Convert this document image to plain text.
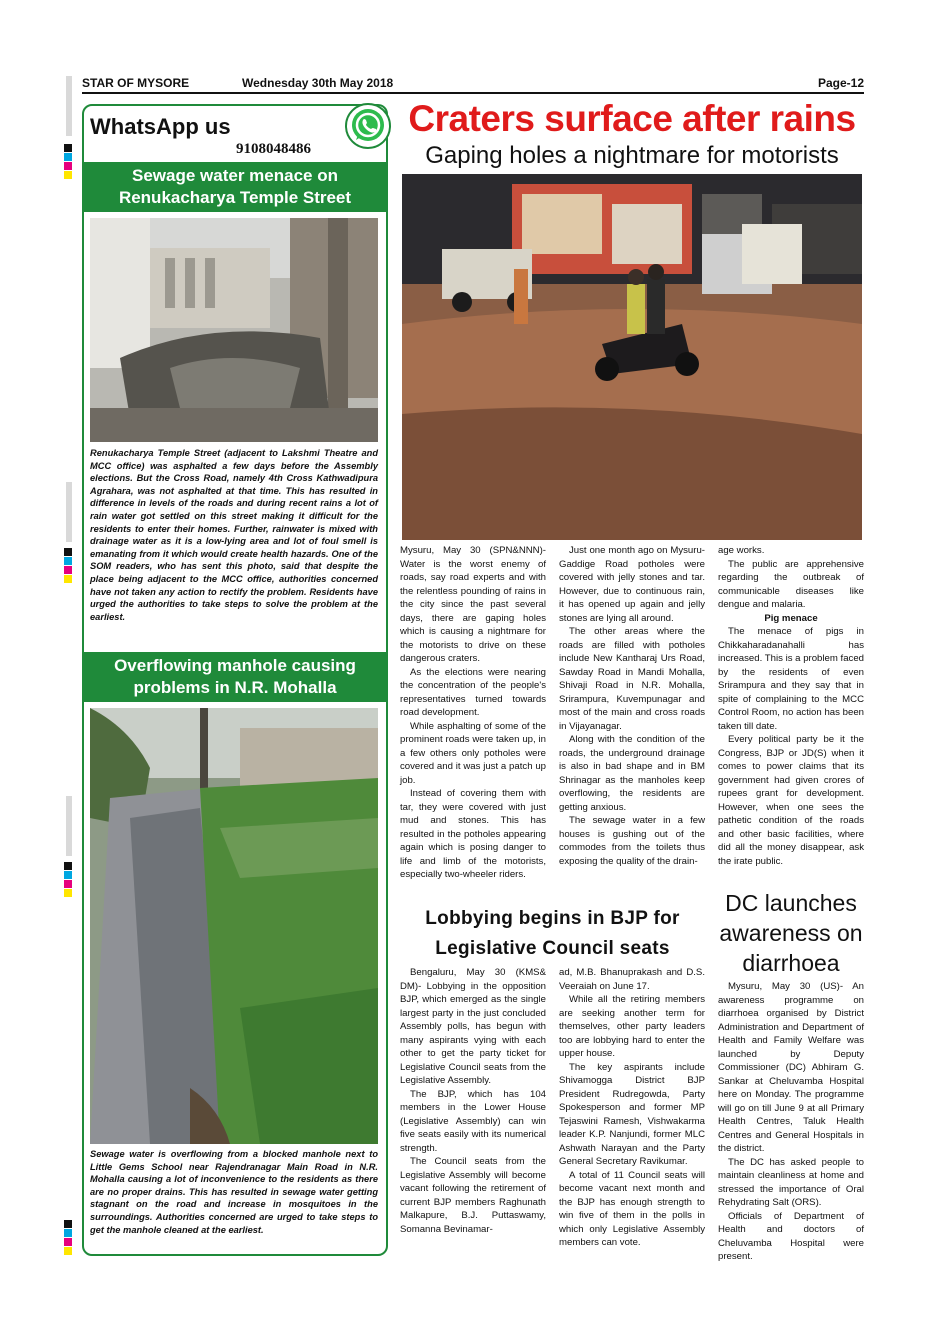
STAR OF MYSORE	Wednesday 30th May 2018	Page-12
WhatsApp us
9108048486
Sewage water menace on Renukacharya Temple Street
Renukacharya Temple Street (adjacent to Lakshmi Theatre and MCC office) was asphalted a few days before the Assembly elections. But the Cross Road, namely 4th Cross Kathwadipura Agrahara, was not asphalted at that time. This has resulted in difference in levels of the roads and during recent rains a lot of rain water got settled on this street making it difficult for the residents to enter their homes. Further, rainwater is mixed with drainage water as it is a low-lying area and lot of foul smell is emanating from it which would create health hazards. One of the SOM readers, who has sent this photo, said that despite the place being adjacent to the MCC office, authorities concerned have not taken any action to rectify the problem. Residents have urged the authorities to take steps to solve the problem at the earliest.
Overflowing manhole causing problems in N.R. Mohalla
Sewage water is overflowing from a blocked manhole next to Little Gems School near Rajendranagar Main Road in N.R. Mohalla causing a lot of inconvenience to the residents as there are no proper drains. This has resulted in sewage water getting stagnant on the road and increase in mosquitoes in the surroundings. Authorities concerned are urged to take steps to get the manhole cleaned at the earliest.
Craters surface after rains
Gaping holes a nightmare for motorists

Mysuru, May 30 (SPN&NNN)- Water is the worst enemy of roads, say road experts and with the relentless pounding of rains in the city since the past several days, there are gaping holes which is causing a nightmare for the motorists to drive on these dangerous craters.

As the elections were nearing the concentration of the people's representatives turned towards road development.

While asphalting of some of the prominent roads were taken up, in a few others only potholes were covered and it was just a patch up job.

Instead of covering them with tar, they were covered with just mud and stones. This has resulted in the potholes appearing again which is posing danger to life and limb of the motorists, especially two-wheeler riders.

Just one month ago on Mysuru-Gaddige Road potholes were covered with jelly stones and tar. However, due to continuous rain, it has opened up again and jelly stones are lying all around.

The other areas where the roads are filled with potholes include New Kantharaj Urs Road, Sawday Road in Mandi Mohalla, Shivaji Road in N.R. Mohalla, Srirampura, Kuvempunagar and most of the main and cross roads in Vijayanagar.

Along with the condition of the roads, the underground drainage is also in bad shape and in BM Shrinagar as the manholes keep overflowing, the residents are getting anxious.

The sewage water in a few houses is gushing out of the commodes from the toilets thus exposing the quality of the drain-

age works.

The public are apprehensive regarding the outbreak of communicable diseases like dengue and malaria.

Pig menace

The menace of pigs in Chikkaharadanahalli has increased. This is a problem faced by the residents of even Srirampura and they say that in spite of complaining to the MCC Control Room, no action has been taken till date.

Every political party be it the Congress, BJP or JD(S) when it comes to power claims that its government had given crores of rupees grant for development. However, when one sees the pathetic condition of the roads and other basic facilities, where did all the money disappear, ask the irate public.

Lobbying begins in BJP for Legislative Council seats

Bengaluru, May 30 (KMS& DM)- Lobbying in the opposition BJP, which emerged as the single largest party in the just concluded Assembly polls, has begun with many aspirants vying with each other to get the party ticket for Legislative Council seats from the Legislative Assembly.

The BJP, which has 104 members in the Lower House (Legislative Assembly) can win five seats easily with its numerical strength.

The Council seats from the Legislative Assembly will become vacant following the retirement of current BJP members Raghunath Malkapure, B.J. Puttaswamy, Somanna Bevinamar-

ad, M.B. Bhanuprakash and D.S. Veeraiah on June 17.

While all the retiring members are seeking another term for themselves, other party leaders too are lobbying hard to enter the upper house.

The key aspirants include Shivamogga District BJP President Rudregowda, Party Spokesperson and former MP Tejaswini Ramesh, Vishwakarma leader K.P. Nanjundi, former MLC Ashwath Narayan and the Party General Secretary Ravikumar.

A total of 11 Council seats will become vacant next month and the BJP has enough strength to win five of them in the polls in which only Legislative Assembly members can vote.

DC launches awareness on diarrhoea

Mysuru, May 30 (US)- An awareness programme on diarrhoea organised by District Administration and Department of Health and Family Welfare was launched by Deputy Commissioner (DC) Abhiram G. Sankar at Cheluvamba Hospital here on Monday. The programme will go on till June 9 at all Primary Health Centres, Taluk Health Centres and General Hospitals in the district.

The DC has asked people to maintain cleanliness at home and stressed the importance of Oral Rehydrating Salt (ORS).

Officials of Department of Health and doctors of Cheluvamba Hospital were present.
